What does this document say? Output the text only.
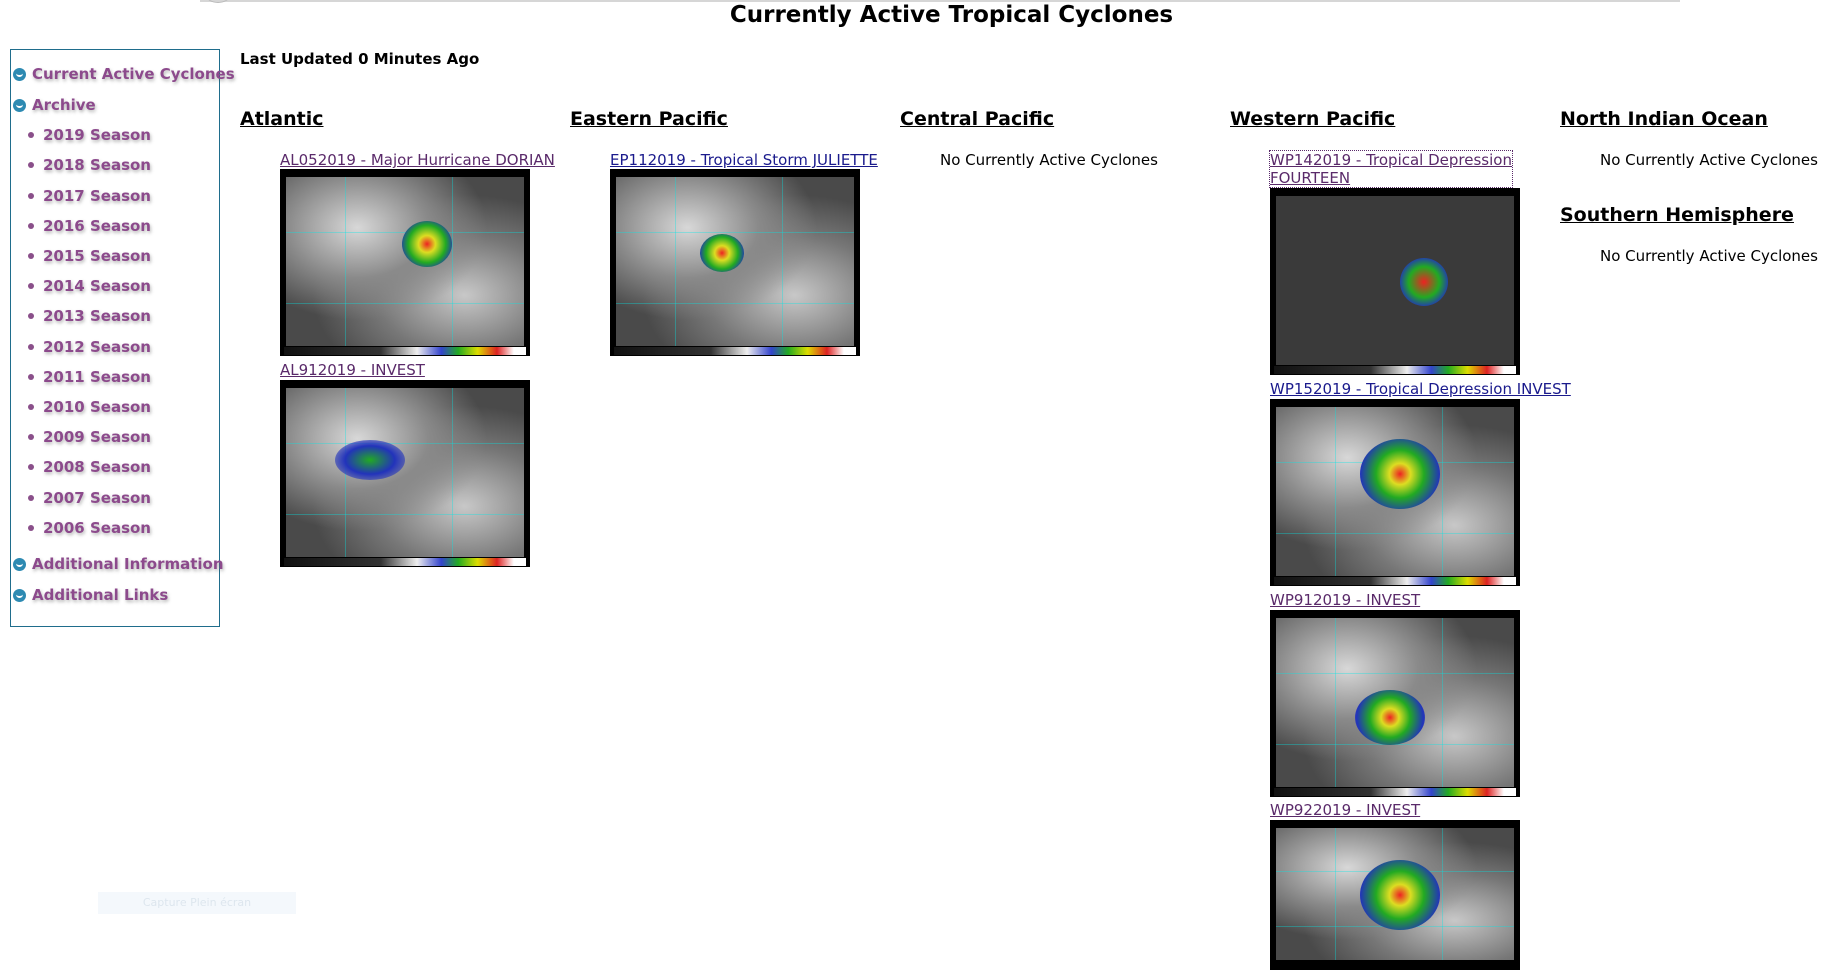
Currently Active Tropical Cyclones
Last Updated 0 Minutes Ago
Current Active Cyclones
Archive
2019 Season
2018 Season
2017 Season
2016 Season
2015 Season
2014 Season
2013 Season
2012 Season
2011 Season
2010 Season
2009 Season
2008 Season
2007 Season
2006 Season
Additional Information
Additional Links
Atlantic
AL052019 - Major Hurricane DORIAN
AL912019 - INVEST
Eastern Pacific
EP112019 - Tropical Storm JULIETTE
Central Pacific
No Currently Active Cyclones
Western Pacific
WP142019 - Tropical Depression
FOURTEEN
WP152019 - Tropical Depression INVEST
WP912019 - INVEST
WP922019 - INVEST
North Indian Ocean
No Currently Active Cyclones
Southern Hemisphere
No Currently Active Cyclones
Capture Plein écran
